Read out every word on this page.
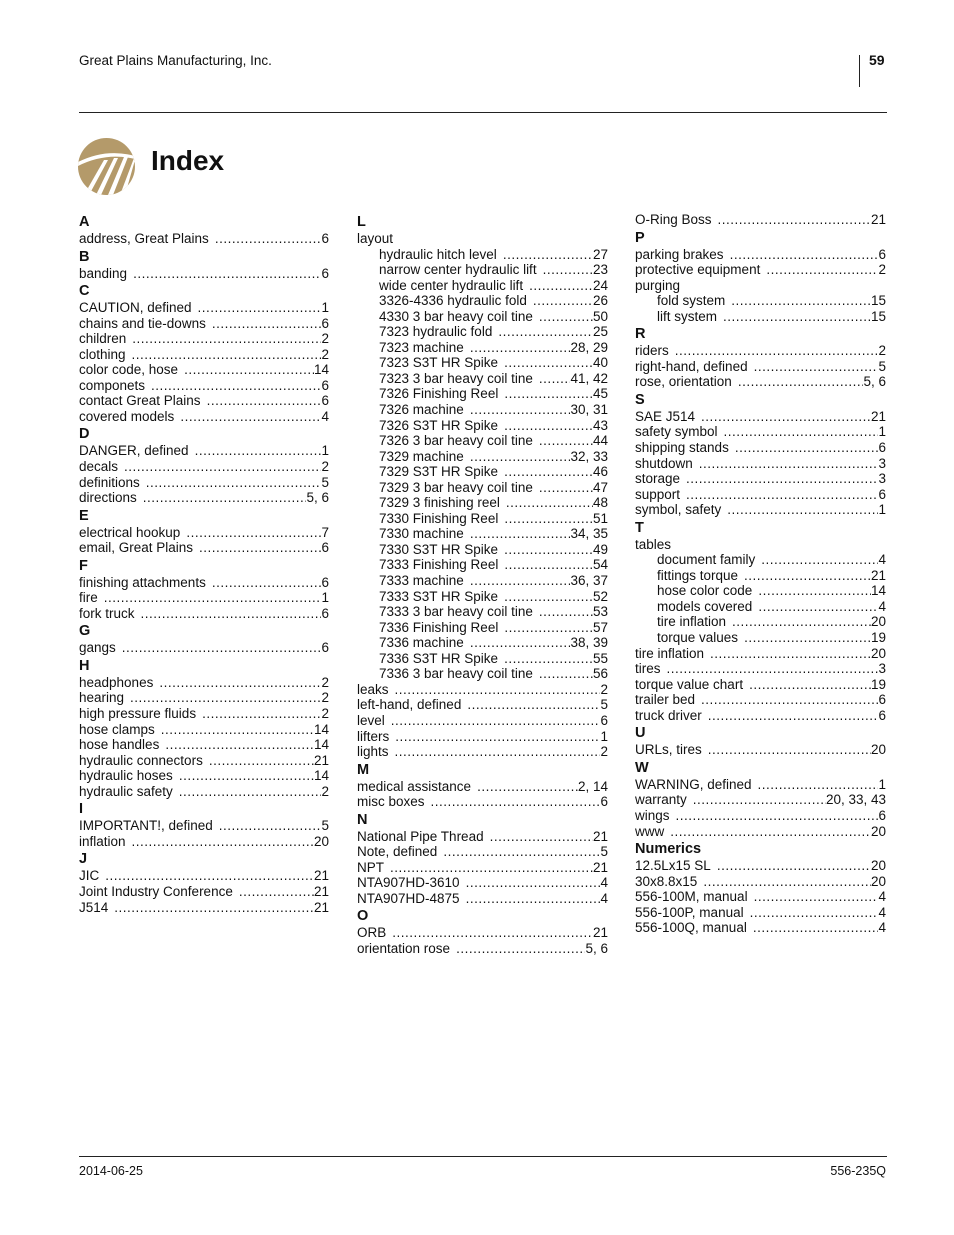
Great Plains Manufacturing, Inc.	59
Index
A
address, Great Plains .....	6
B
banding .....	6
C
CAUTION, defined .....	1
chains and tie-downs .....	6
children .....	2
clothing .....	2
color code, hose .....	14
componets .....	6
contact Great Plains .....	6
covered models .....	4
D
DANGER, defined .....	1
decals .....	2
definitions .....	5
directions .....	5, 6
E
electrical hookup .....	7
email, Great Plains .....	6
F
finishing attachments .....	6
fire .....	1
fork truck .....	6
G
gangs .....	6
H
headphones .....	2
hearing .....	2
high pressure fluids .....	2
hose clamps .....	14
hose handles .....	14
hydraulic connectors .....	21
hydraulic hoses .....	14
hydraulic safety .....	2
I
IMPORTANT!, defined .....	5
inflation .....	20
J
JIC .....	21
Joint Industry Conference .....	21
J514 .....	21
L
layout
hydraulic hitch level .....	27
narrow center hydraulic lift .....	23
wide center hydraulic lift .....	24
3326-4336 hydraulic fold .....	26
4330 3 bar heavy coil tine .....	50
7323 hydraulic fold .....	25
7323 machine .....	28, 29
7323 S3T HR Spike .....	40
7323 3 bar heavy coil tine .....	41, 42
7326 Finishing Reel .....	45
7326 machine .....	30, 31
7326 S3T HR Spike .....	43
7326 3 bar heavy coil tine .....	44
7329 machine .....	32, 33
7329 S3T HR Spike .....	46
7329 3 bar heavy coil tine .....	47
7329 3 finishing reel .....	48
7330 Finishing Reel .....	51
7330 machine .....	34, 35
7330 S3T HR Spike .....	49
7333 Finishing Reel .....	54
7333 machine .....	36, 37
7333 S3T HR Spike .....	52
7333 3 bar heavy coil tine .....	53
7336 Finishing Reel .....	57
7336 machine .....	38, 39
7336 S3T HR Spike .....	55
7336 3 bar heavy coil tine .....	56
leaks .....	2
left-hand, defined .....	5
level .....	6
lifters .....	1
lights .....	2
M
medical assistance .....	2, 14
misc boxes .....	6
N
National Pipe Thread .....	21
Note, defined .....	5
NPT .....	21
NTA907HD-3610 .....	4
NTA907HD-4875 .....	4
O
ORB .....	21
orientation rose .....	5, 6
O-Ring Boss .....	21
P
parking brakes .....	6
protective equipment .....	2
purging
fold system .....	15
lift system .....	15
R
riders .....	2
right-hand, defined .....	5
rose, orientation .....	5, 6
S
SAE J514 .....	21
safety symbol .....	1
shipping stands .....	6
shutdown .....	3
storage .....	3
support .....	6
symbol, safety .....	1
T
tables
document family .....	4
fittings torque .....	21
hose color code .....	14
models covered .....	4
tire inflation .....	20
torque values .....	19
tire inflation .....	20
tires .....	3
torque value chart .....	19
trailer bed .....	6
truck driver .....	6
U
URLs, tires .....	20
W
WARNING, defined .....	1
warranty .....	20, 33, 43
wings .....	6
www .....	20
Numerics
12.5Lx15 SL .....	20
30x8.8x15 .....	20
556-100M, manual .....	4
556-100P, manual .....	4
556-100Q, manual .....	4
2014-06-25	556-235Q
